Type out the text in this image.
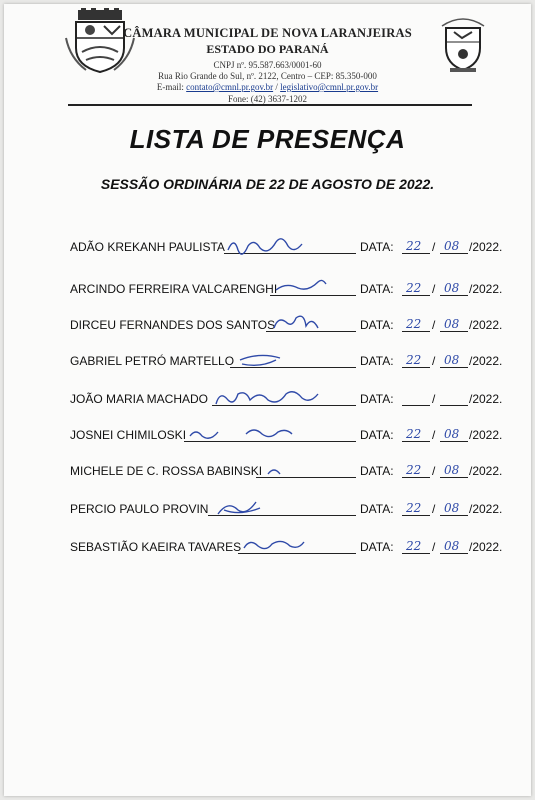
CÂMARA MUNICIPAL DE NOVA LARANJEIRAS
ESTADO DO PARANÁ
CNPJ nº. 95.587.663/0001-60
Rua Rio Grande do Sul, nº. 2122, Centro – CEP: 85.350-000
E-mail: contato@cmnl.pr.gov.br / legislativo@cmnl.pr.gov.br
Fone: (42) 3637-1202
LISTA DE PRESENÇA
SESSÃO ORDINÁRIA DE 22 DE AGOSTO DE 2022.
ADÃO KREKANH PAULISTA	DATA: 22 / 08 /2022.
ARCINDO FERREIRA VALCARENGHI	DATA: 22 / 08 /2022.
DIRCEU FERNANDES DOS SANTOS	DATA: 22 / 08 /2022.
GABRIEL PETRÓ MARTELLO	DATA: 22 / 08 /2022.
JOÃO MARIA MACHADO	DATA:	/	/2022.
JOSNEI CHIMILOSKI	DATA: 22 / 08 /2022.
MICHELE DE C. ROSSA BABINSKI	DATA: 22 / 08 /2022.
PERCIO PAULO PROVIN	DATA: 22 / 08 /2022.
SEBASTIÃO KAEIRA TAVARES	DATA: 22 / 08 /2022.
